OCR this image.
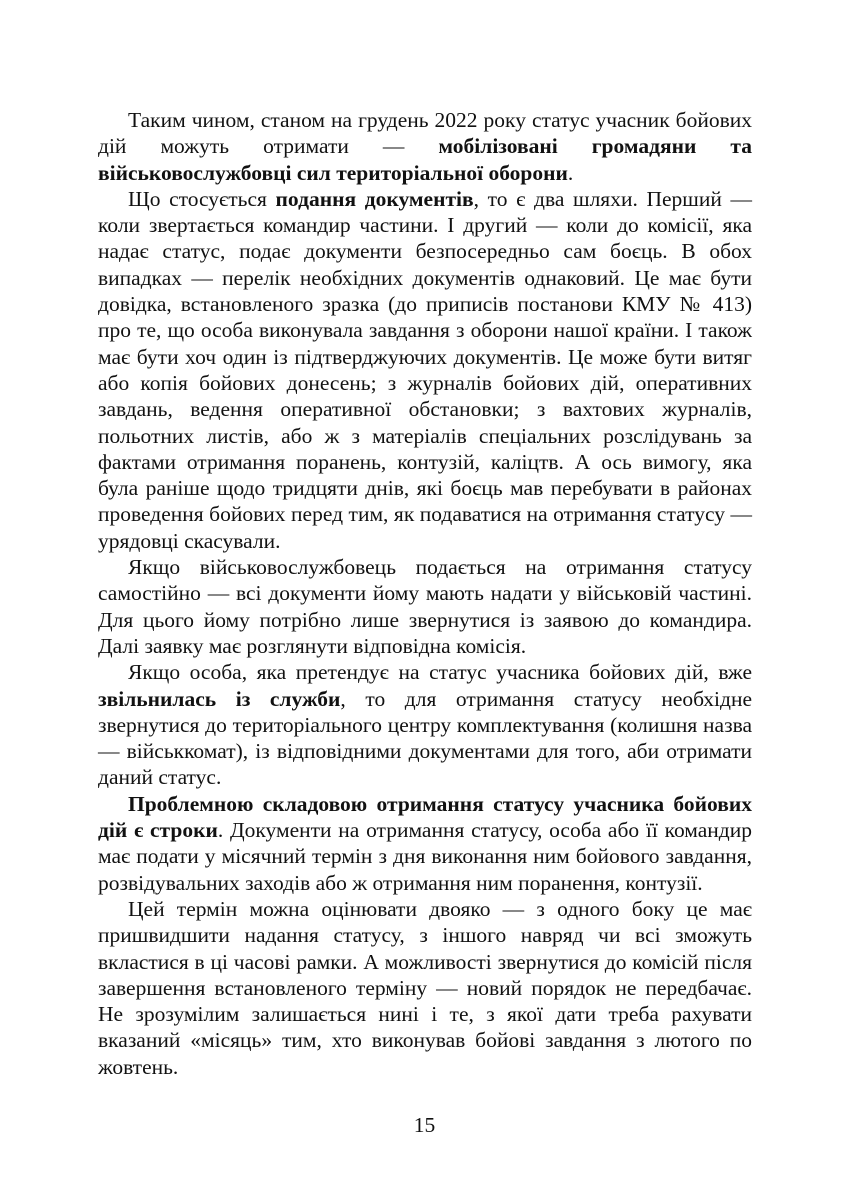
Таким чином, станом на грудень 2022 року статус учасник бойових дій можуть отримати — мобілізовані громадяни та військовослужбовці сил територіальної оборони.

Що стосується подання документів, то є два шляхи. Перший — коли звертається командир частини. І другий — коли до комісії, яка надає статус, подає документи безпосередньо сам боєць. В обох випадках — перелік необхідних документів однаковий. Це має бути довідка, встановленого зразка (до приписів постанови КМУ № 413) про те, що особа виконувала завдання з оборони нашої країни. І також має бути хоч один із підтверджуючих документів. Це може бути витяг або копія бойових донесень; з журналів бойових дій, оперативних завдань, ведення оперативної обстановки; з вахтових журналів, польотних листів, або ж з матеріалів спеціальних розслідувань за фактами отримання поранень, контузій, каліцтв. А ось вимогу, яка була раніше щодо тридцяти днів, які боєць мав перебувати в районах проведення бойових перед тим, як подаватися на отримання статусу — урядовці скасували.

Якщо військовослужбовець подається на отримання статусу самостійно — всі документи йому мають надати у військовій частині. Для цього йому потрібно лише звернутися із заявою до командира. Далі заявку має розглянути відповідна комісія.

Якщо особа, яка претендує на статус учасника бойових дій, вже звільнилась із служби, то для отримання статусу необхідне звернутися до територіального центру комплектування (колишня назва — військкомат), із відповідними документами для того, аби отримати даний статус.

Проблемною складовою отримання статусу учасника бойових дій є строки. Документи на отримання статусу, особа або її командир має подати у місячний термін з дня виконання ним бойового завдання, розвідувальних заходів або ж отримання ним поранення, контузії.

Цей термін можна оцінювати двояко — з одного боку це має пришвидшити надання статусу, з іншого навряд чи всі зможуть вкластися в ці часові рамки. А можливості звернутися до комісій після завершення встановленого терміну — новий порядок не передбачає. Не зрозумілим залишається нині і те, з якої дати треба рахувати вказаний «місяць» тим, хто виконував бойові завдання з лютого по жовтень.

15
